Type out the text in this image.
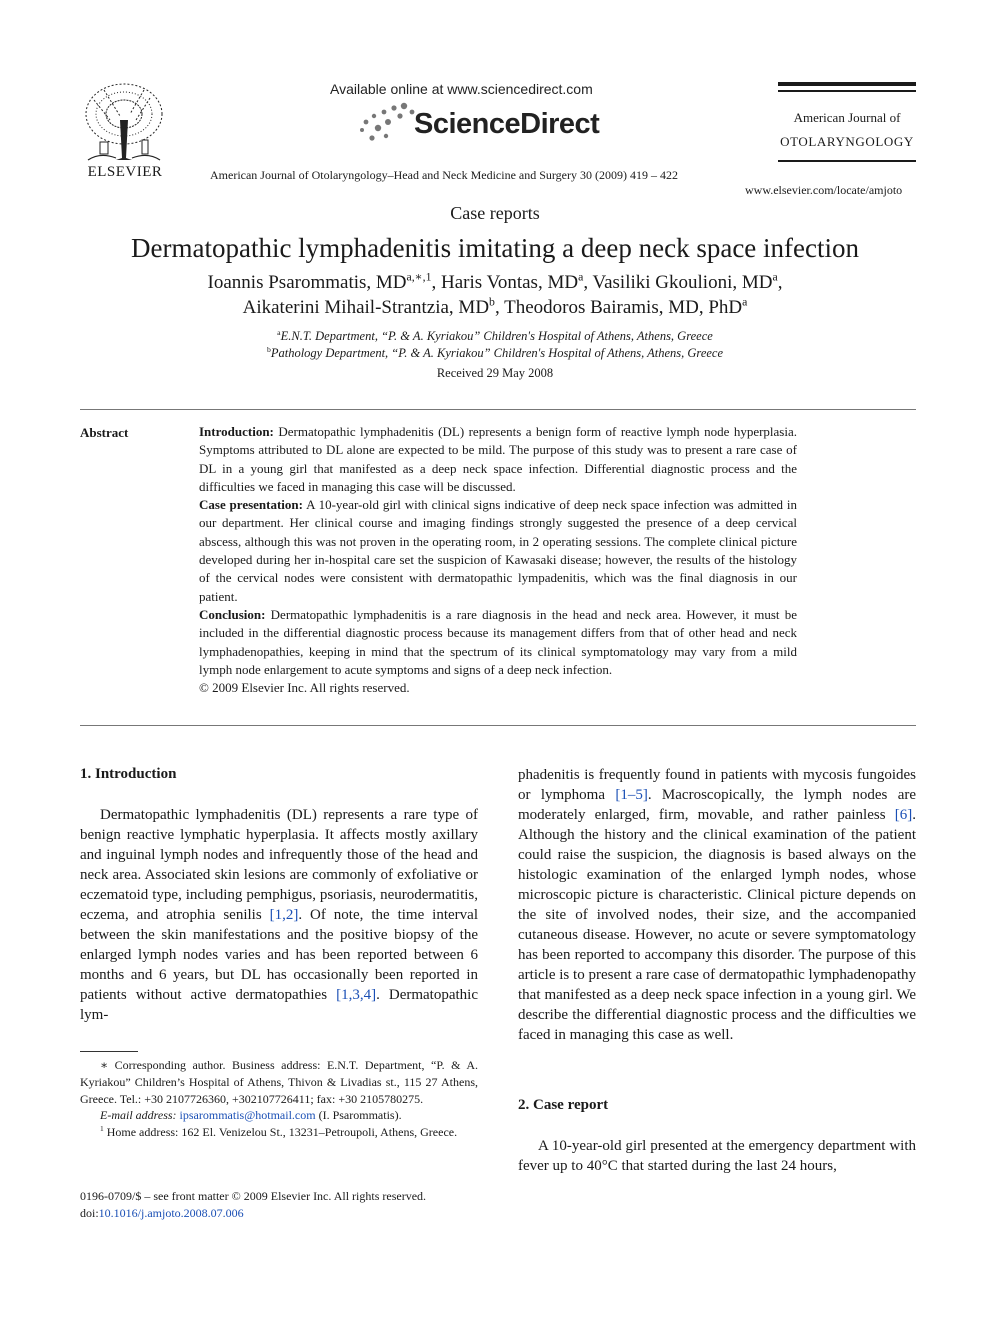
ELSEVIER
Available online at www.sciencedirect.com
ScienceDirect
American Journal of Otolaryngology–Head and Neck Medicine and Surgery 30 (2009) 419 – 422
American Journal of
OTOLARYNGOLOGY
www.elsevier.com/locate/amjoto
Case reports
Dermatopathic lymphadenitis imitating a deep neck space infection
Ioannis Psarommatis, $MD^{a,∗,1}$, Haris Vontas, $MD^a$, Vasiliki Gkoulioni, $MD^a$,
Aikaterini Mihail-Strantzia, $MD^b$, Theodoros Bairamis, MD, PhD$^a$
$^a$E.N.T. Department, “P. & A. Kyriakou” Children's Hospital of Athens, Athens, Greece
$^b$Pathology Department, “P. & A. Kyriakou” Children's Hospital of Athens, Athens, Greece
Received 29 May 2008
Abstract	Introduction: Dermatopathic lymphadenitis (DL) represents a benign form of reactive lymph node hyperplasia. Symptoms attributed to DL alone are expected to be mild. The purpose of this study was to present a rare case of DL in a young girl that manifested as a deep neck space infection. Differential diagnostic process and the difficulties we faced in managing this case will be discussed.

Case presentation: A 10-year-old girl with clinical signs indicative of deep neck space infection was admitted in our department. Her clinical course and imaging findings strongly suggested the presence of a deep cervical abscess, although this was not proven in the operating room, in 2 operating sessions. The complete clinical picture developed during her in-hospital care set the suspicion of Kawasaki disease; however, the results of the histology of the cervical nodes were consistent with dermatopathic lympadenitis, which was the final diagnosis in our patient.

Conclusion: Dermatopathic lymphadenitis is a rare diagnosis in the head and neck area. However, it must be included in the differential diagnostic process because its management differs from that of other head and neck lymphadenopathies, keeping in mind that the spectrum of its clinical symptomatology may vary from a mild lymph node enlargement to acute symptoms and signs of a deep neck infection.

© 2009 Elsevier Inc. All rights reserved.

1. Introduction

Dermatopathic lymphadenitis (DL) represents a rare type of benign reactive lymphatic hyperplasia. It affects mostly axillary and inguinal lymph nodes and infrequently those of the head and neck area. Associated skin lesions are commonly of exfoliative or eczematoid type, including pemphigus, psoriasis, neurodermatitis, eczema, and atrophia senilis [1,2]. Of note, the time interval between the skin manifestations and the positive biopsy of the enlarged lymph nodes varies and has been reported between 6 months and 6 years, but DL has occasionally been reported in patients without active dermatopathies [1,3,4]. Dermatopathic lym-

∗ Corresponding author. Business address: E.N.T. Department, “P. & A. Kyriakou” Children’s Hospital of Athens, Thivon & Livadias st., 115 27 Athens, Greece. Tel.: +30 2107726360, +302107726411; fax: +30 2105780275.

E-mail address: ipsarommatis@hotmail.com (I. Psarommatis).

$^1$ Home address: 162 El. Venizelou St., 13231–Petroupoli, Athens, Greece.

0196-0709/$ – see front matter © 2009 Elsevier Inc. All rights reserved.
doi:10.1016/j.amjoto.2008.07.006

phadenitis is frequently found in patients with mycosis fungoides or lymphoma [1–5]. Macroscopically, the lymph nodes are moderately enlarged, firm, movable, and rather painless [6]. Although the history and the clinical examination of the patient could raise the suspicion, the diagnosis is based always on the histologic examination of the enlarged lymph nodes, whose microscopic picture is characteristic. Clinical picture depends on the site of involved nodes, their size, and the accompanied cutaneous disease. However, no acute or severe symptomatology has been reported to accompany this disorder. The purpose of this article is to present a rare case of dermatopathic lymphadenopathy that manifested as a deep neck space infection in a young girl. We describe the differential diagnostic process and the difficulties we faced in managing this case as well.

2. Case report

A 10-year-old girl presented at the emergency department with fever up to 40°C that started during the last 24 hours,
